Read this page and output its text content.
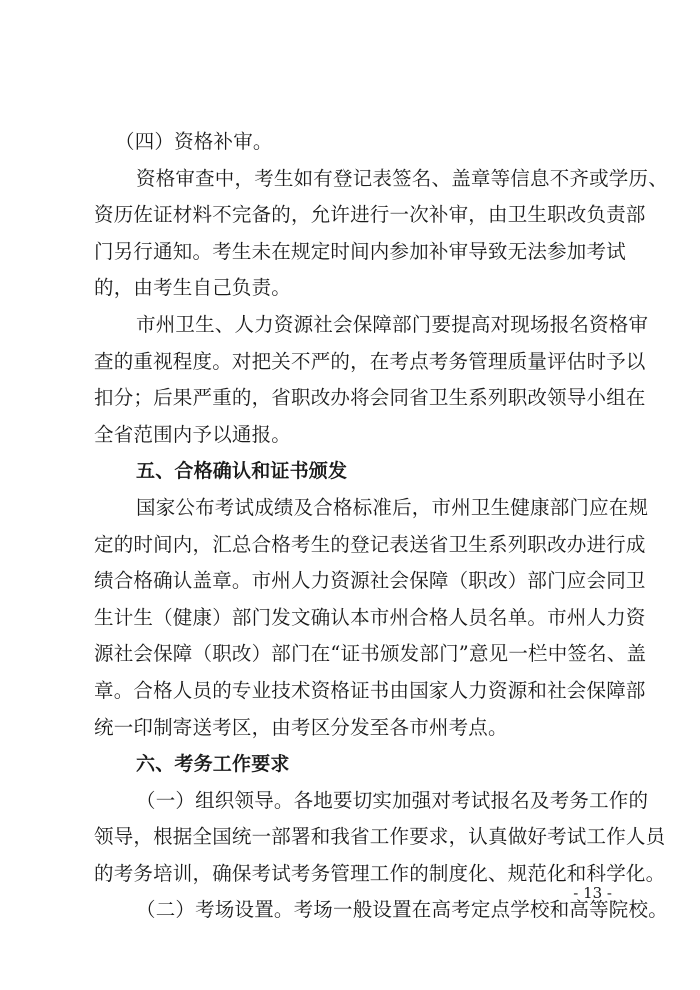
（四）资格补审。
资格审查中，考生如有登记表签名、盖章等信息不齐或学历、
资历佐证材料不完备的，允许进行一次补审，由卫生职改负责部
门另行通知。考生未在规定时间内参加补审导致无法参加考试
的，由考生自己负责。
市州卫生、人力资源社会保障部门要提高对现场报名资格审
查的重视程度。对把关不严的，在考点考务管理质量评估时予以
扣分；后果严重的，省职改办将会同省卫生系列职改领导小组在
全省范围内予以通报。
五、合格确认和证书颁发
国家公布考试成绩及合格标准后，市州卫生健康部门应在规
定的时间内，汇总合格考生的登记表送省卫生系列职改办进行成
绩合格确认盖章。市州人力资源社会保障（职改）部门应会同卫
生计生（健康）部门发文确认本市州合格人员名单。市州人力资
源社会保障（职改）部门在“证书颁发部门”意见一栏中签名、盖
章。合格人员的专业技术资格证书由国家人力资源和社会保障部
统一印制寄送考区，由考区分发至各市州考点。
六、考务工作要求
（一）组织领导。各地要切实加强对考试报名及考务工作的
领导，根据全国统一部署和我省工作要求，认真做好考试工作人员
的考务培训，确保考试考务管理工作的制度化、规范化和科学化。
（二）考场设置。考场一般设置在高考定点学校和高等院校。
- 13 -
